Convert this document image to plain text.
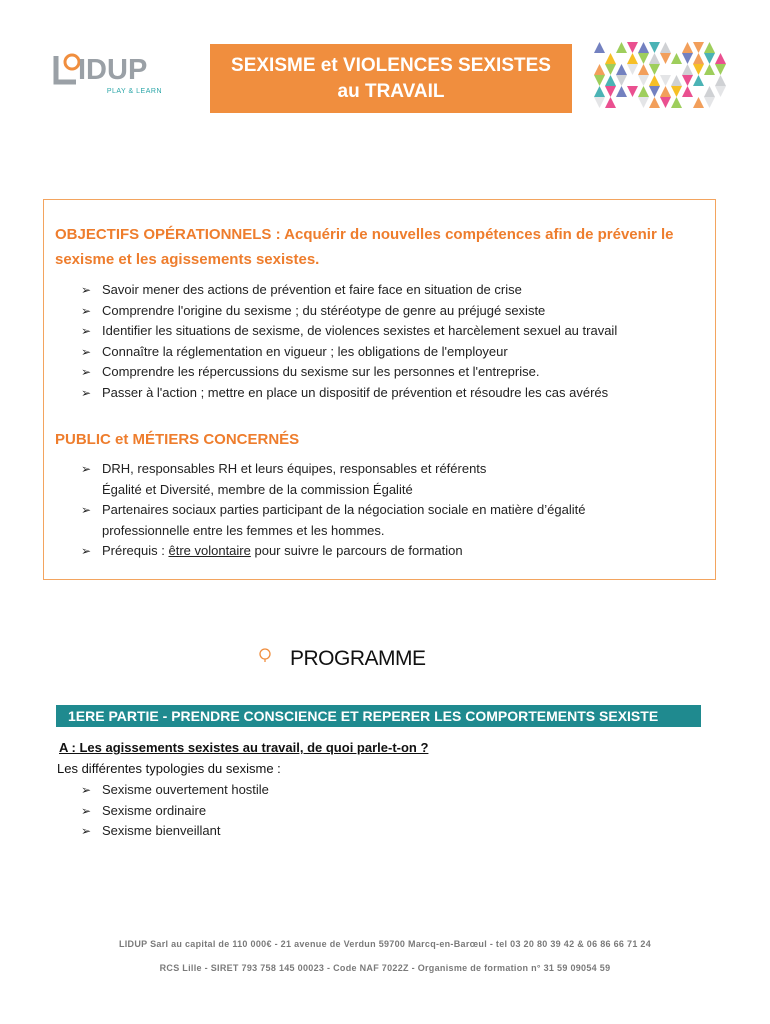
IDUP
PLAY & LEARN
SEXISME et VIOLENCES SEXISTES
au TRAVAIL
OBJECTIFS OPÉRATIONNELS : Acquérir de nouvelles compétences afin de prévenir le sexisme et les agissements sexistes.
➢ Savoir mener des actions de prévention et faire face en situation de crise
➢ Comprendre l'origine du sexisme ; du stéréotype de genre au préjugé sexiste
➢ Identifier les situations de sexisme, de violences sexistes et harcèlement sexuel au travail
➢ Connaître la réglementation en vigueur ; les obligations de l'employeur
➢ Comprendre les répercussions du sexisme sur les personnes et l'entreprise.
➢ Passer à l'action ; mettre en place un dispositif de prévention et résoudre les cas avérés
PUBLIC et MÉTIERS CONCERNÉS
➢ DRH, responsables RH et leurs équipes, responsables et référents
Égalité et Diversité, membre de la commission Égalité
➢ Partenaires sociaux parties participant de la négociation sociale en matière d’égalité
professionnelle entre les femmes et les hommes.
➢ Prérequis : être volontaire pour suivre le parcours de formation
PROGRAMME
1ERE PARTIE - PRENDRE CONSCIENCE ET REPERER LES COMPORTEMENTS SEXISTE
A : Les agissements sexistes au travail, de quoi parle-t-on ?
Les différentes typologies du sexisme :
➢ Sexisme ouvertement hostile
➢ Sexisme ordinaire
➢ Sexisme bienveillant
LIDUP Sarl au capital de 110 000€ - 21 avenue de Verdun 59700 Marcq-en-Barœul - tel 03 20 80 39 42 & 06 86 66 71 24
RCS Lille - SIRET 793 758 145 00023 - Code NAF 7022Z - Organisme de formation n° 31 59 09054 59
